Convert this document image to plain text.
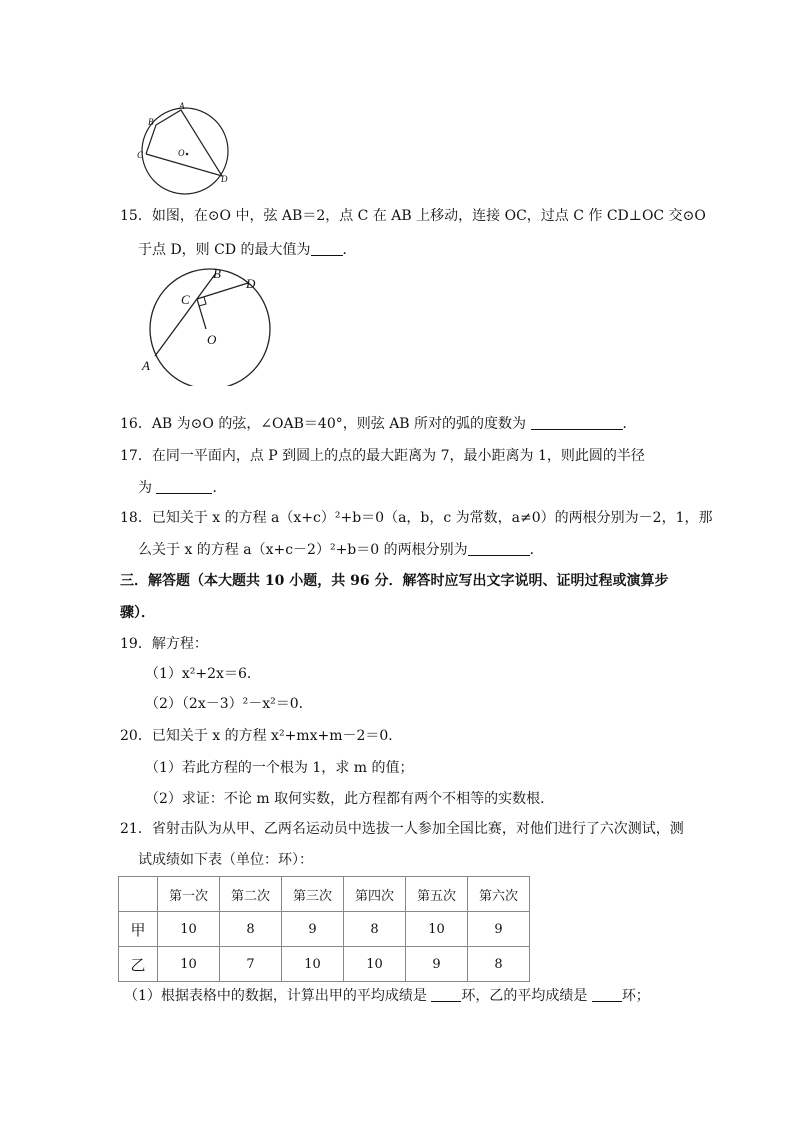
A
B
C
D
O
15．如图，在⊙O 中，弦 AB＝2，点 C 在 AB 上移动，连接 OC，过点 C 作 CD⊥OC 交⊙O
于点 D，则 CD 的最大值为 ．
B
D
C
O
A
16．AB 为⊙O 的弦，∠OAB＝40°，则弦 AB 所对的弧的度数为	．
17．在同一平面内，点 P 到圆上的点的最大距离为 7，最小距离为 1，则此圆的半径
为	．
18．已知关于 x 的方程 a（x+c）²+b＝0（a，b，c 为常数，a≠0）的两根分别为－2，1，那
么关于 x 的方程 a（x+c－2）²+b＝0 的两根分别为	．
三．解答题（本大题共 10 小题，共 96 分．解答时应写出文字说明、证明过程或演算步
骤）．
19．解方程：
（1）x²+2x＝6．
（2）（2x－3）²－x²＝0．
20．已知关于 x 的方程 x²+mx+m－2＝0．
（1）若此方程的一个根为 1，求 m 的值；
（2）求证：不论 m 取何实数，此方程都有两个不相等的实数根．
21．省射击队为从甲、乙两名运动员中选拔一人参加全国比赛，对他们进行了六次测试，测
试成绩如下表（单位：环）：
	第一次	第二次	第三次	第四次	第五次	第六次
甲	10	8	9	8	10	9
乙	10	7	10	10	9	8
（1）根据表格中的数据，计算出甲的平均成绩是 环，乙的平均成绩是 环；
